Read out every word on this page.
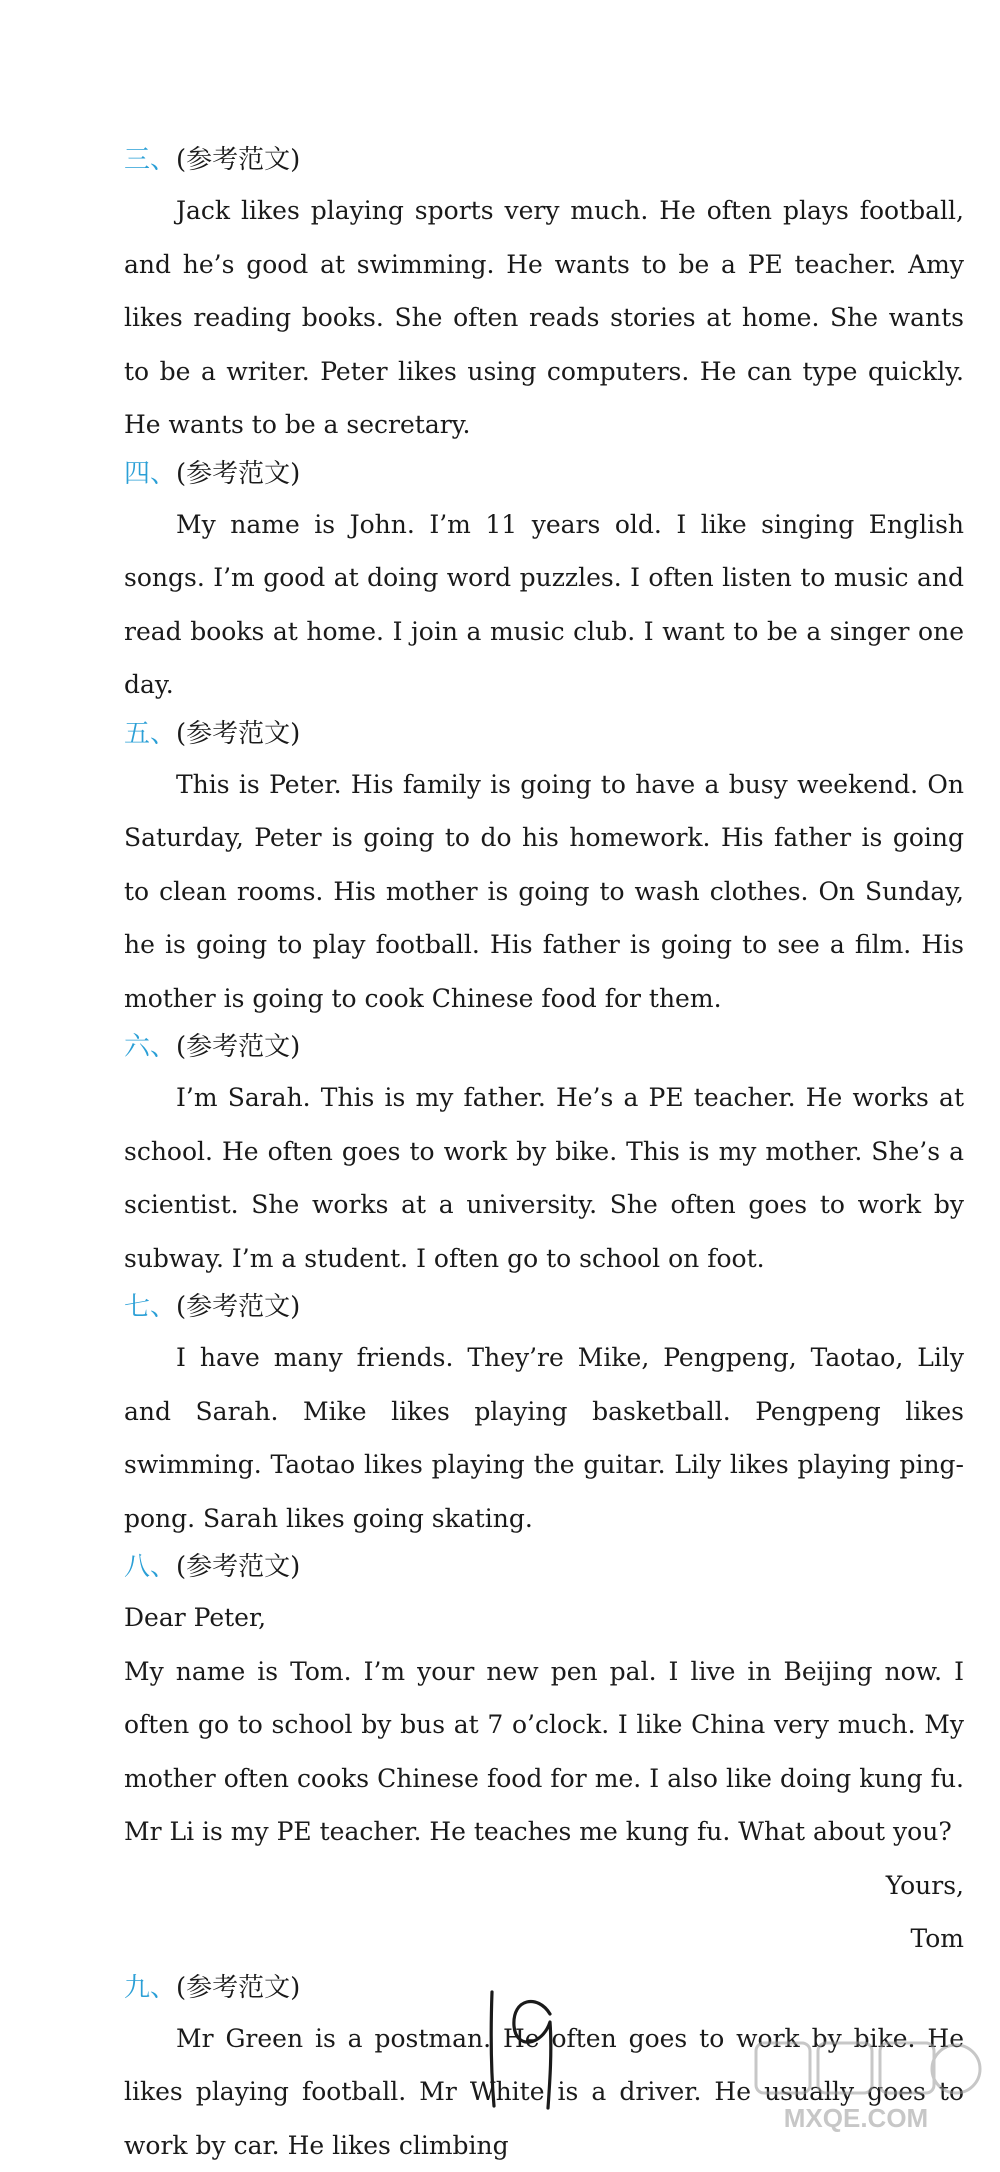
三、(参考范文)

Jack likes playing sports very much. He often plays football, and he’s good at swimming. He wants to be a PE teacher. Amy likes reading books. She often reads stories at home. She wants to be a writer. Peter likes using computers. He can type quickly. He wants to be a secretary.

四、(参考范文)

My name is John. I’m 11 years old. I like singing English songs. I’m good at doing word puzzles. I often listen to music and read books at home. I join a music club. I want to be a singer one day.

五、(参考范文)

This is Peter. His family is going to have a busy weekend. On Saturday, Peter is going to do his homework. His father is going to clean rooms. His mother is going to wash clothes. On Sunday, he is going to play football. His father is going to see a film. His mother is going to cook Chinese food for them.

六、(参考范文)

I’m Sarah. This is my father. He’s a PE teacher. He works at school. He often goes to work by bike. This is my mother. She’s a scientist. She works at a university. She often goes to work by subway. I’m a student. I often go to school on foot.

七、(参考范文)

I have many friends. They’re Mike, Pengpeng, Taotao, Lily and Sarah. Mike likes playing basketball. Pengpeng likes swimming. Taotao likes playing the guitar. Lily likes playing ping-pong. Sarah likes going skating.

八、(参考范文)

Dear Peter,

My name is Tom. I’m your new pen pal. I live in Beijing now. I often go to school by bus at 7 o’clock. I like China very much. My mother often cooks Chinese food for me. I also like doing kung fu. Mr Li is my PE teacher. He teaches me kung fu. What about you?

Yours,

Tom

九、(参考范文)

Mr Green is a postman. He often goes to work by bike. He likes playing football. Mr White is a driver. He usually goes to work by car. He likes climbing

MXQE.COM
